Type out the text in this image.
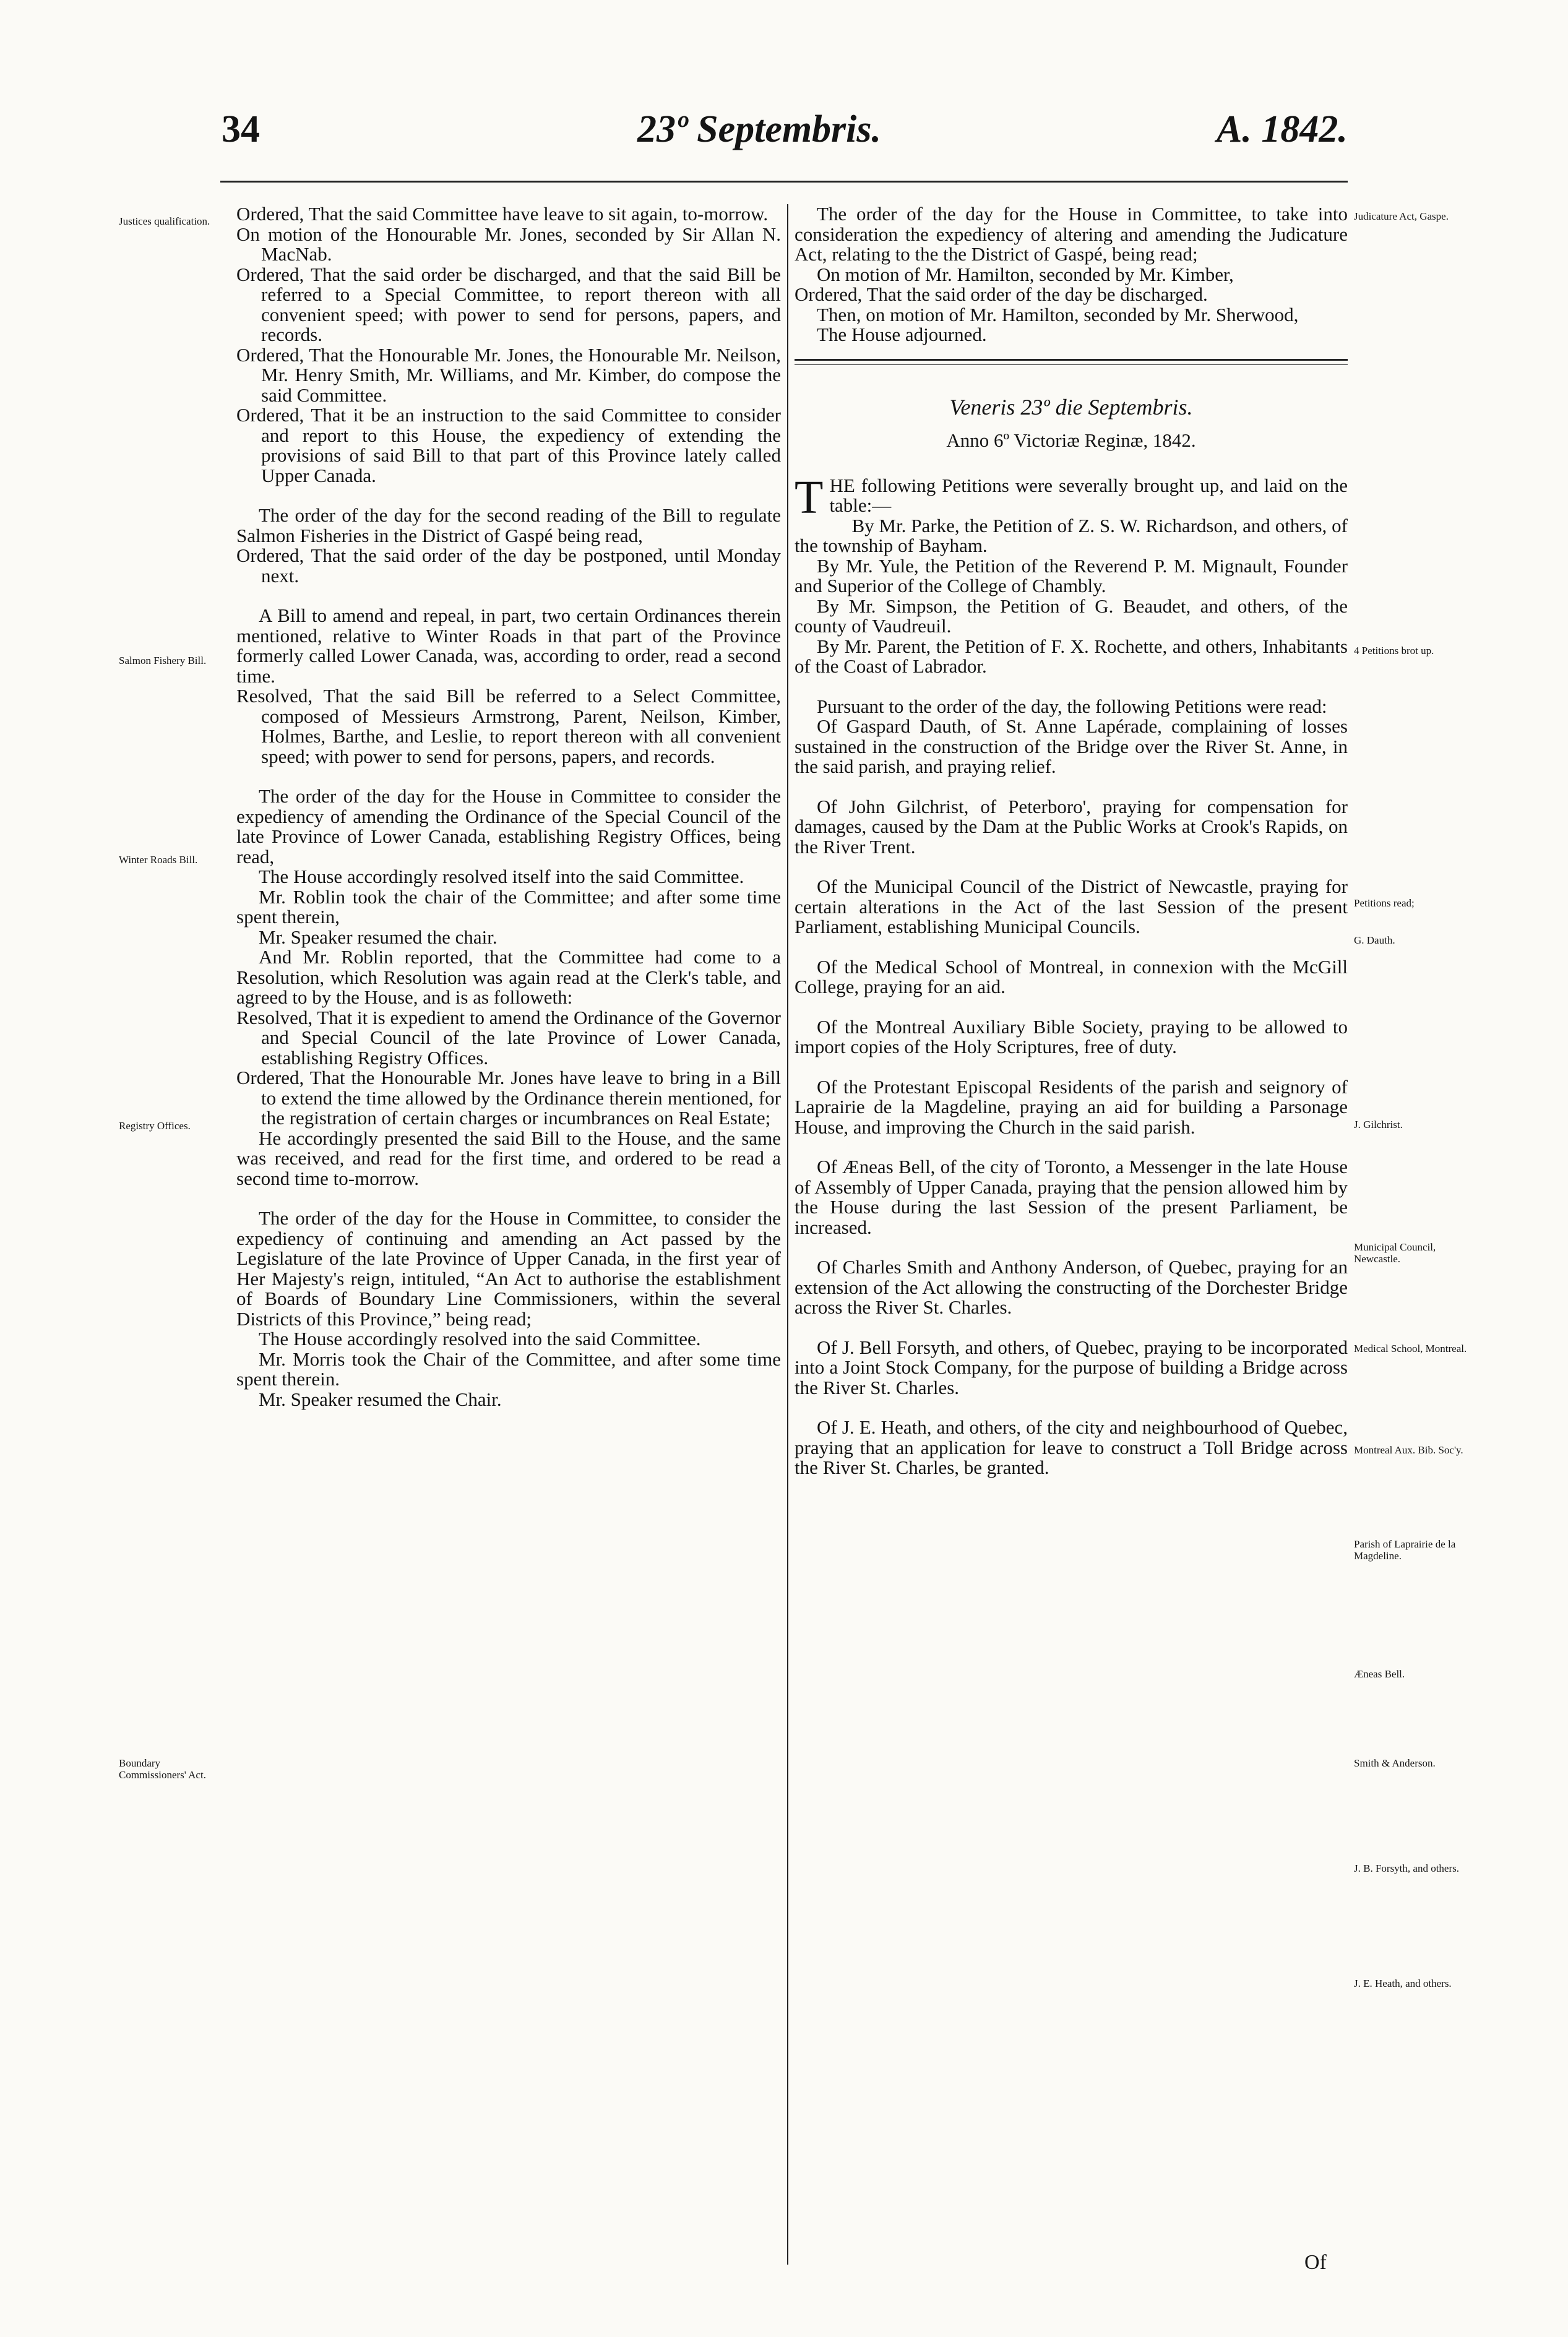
34	23º Septembris.	A. 1842.
Justices qualification.
Salmon Fishery Bill.
Winter Roads Bill.
Registry Offices.
Boundary Commissioners' Act.
Judicature Act, Gaspe.
4 Petitions brot up.
Petitions read;
G. Dauth.
J. Gilchrist.
Municipal Council, Newcastle.
Medical School, Montreal.
Montreal Aux. Bib. Soc'y.
Parish of Laprairie de la Magdeline.
Æneas Bell.
Smith & Anderson.
J. B. Forsyth, and others.
J. E. Heath, and others.

Ordered, That the said Committee have leave to sit again, to-morrow.

On motion of the Honourable Mr. Jones, seconded by Sir Allan N. MacNab.

Ordered, That the said order be discharged, and that the said Bill be referred to a Special Committee, to report thereon with all convenient speed; with power to send for persons, papers, and records.

Ordered, That the Honourable Mr. Jones, the Honourable Mr. Neilson, Mr. Henry Smith, Mr. Williams, and Mr. Kimber, do compose the said Committee.

Ordered, That it be an instruction to the said Committee to consider and report to this House, the expediency of extending the provisions of said Bill to that part of this Province lately called Upper Canada.

The order of the day for the second reading of the Bill to regulate Salmon Fisheries in the District of Gaspé being read,

Ordered, That the said order of the day be postponed, until Monday next.

A Bill to amend and repeal, in part, two certain Ordinances therein mentioned, relative to Winter Roads in that part of the Province formerly called Lower Canada, was, according to order, read a second time.

Resolved, That the said Bill be referred to a Select Committee, composed of Messieurs Armstrong, Parent, Neilson, Kimber, Holmes, Barthe, and Leslie, to report thereon with all convenient speed; with power to send for persons, papers, and records.

The order of the day for the House in Committee to consider the expediency of amending the Ordinance of the Special Council of the late Province of Lower Canada, establishing Registry Offices, being read,

The House accordingly resolved itself into the said Committee.

Mr. Roblin took the chair of the Committee; and after some time spent therein,

Mr. Speaker resumed the chair.

And Mr. Roblin reported, that the Committee had come to a Resolution, which Resolution was again read at the Clerk's table, and agreed to by the House, and is as followeth:

Resolved, That it is expedient to amend the Ordinance of the Governor and Special Council of the late Province of Lower Canada, establishing Registry Offices.

Ordered, That the Honourable Mr. Jones have leave to bring in a Bill to extend the time allowed by the Ordinance therein mentioned, for the registration of certain charges or incumbrances on Real Estate;

He accordingly presented the said Bill to the House, and the same was received, and read for the first time, and ordered to be read a second time to-morrow.

The order of the day for the House in Committee, to consider the expediency of continuing and amending an Act passed by the Legislature of the late Province of Upper Canada, in the first year of Her Majesty's reign, intituled, “An Act to authorise the establishment of Boards of Boundary Line Commissioners, within the several Districts of this Province,” being read;

The House accordingly resolved into the said Committee.

Mr. Morris took the Chair of the Committee, and after some time spent therein.

Mr. Speaker resumed the Chair.

The order of the day for the House in Committee, to take into consideration the expediency of altering and amending the Judicature Act, relating to the the District of Gaspé, being read;

On motion of Mr. Hamilton, seconded by Mr. Kimber,

Ordered, That the said order of the day be discharged.

Then, on motion of Mr. Hamilton, seconded by Mr. Sherwood,

The House adjourned.

Veneris 23º die Septembris.

Anno 6º Victoriæ Reginæ, 1842.

THE following Petitions were severally brought up, and laid on the table:—

By Mr. Parke, the Petition of Z. S. W. Richardson, and others, of the township of Bayham.

By Mr. Yule, the Petition of the Reverend P. M. Mignault, Founder and Superior of the College of Chambly.

By Mr. Simpson, the Petition of G. Beaudet, and others, of the county of Vaudreuil.

By Mr. Parent, the Petition of F. X. Rochette, and others, Inhabitants of the Coast of Labrador.

Pursuant to the order of the day, the following Petitions were read:

Of Gaspard Dauth, of St. Anne Lapérade, complaining of losses sustained in the construction of the Bridge over the River St. Anne, in the said parish, and praying relief.

Of John Gilchrist, of Peterboro', praying for compensation for damages, caused by the Dam at the Public Works at Crook's Rapids, on the River Trent.

Of the Municipal Council of the District of Newcastle, praying for certain alterations in the Act of the last Session of the present Parliament, establishing Municipal Councils.

Of the Medical School of Montreal, in connexion with the McGill College, praying for an aid.

Of the Montreal Auxiliary Bible Society, praying to be allowed to import copies of the Holy Scriptures, free of duty.

Of the Protestant Episcopal Residents of the parish and seignory of Laprairie de la Magdeline, praying an aid for building a Parsonage House, and improving the Church in the said parish.

Of Æneas Bell, of the city of Toronto, a Messenger in the late House of Assembly of Upper Canada, praying that the pension allowed him by the House during the last Session of the present Parliament, be increased.

Of Charles Smith and Anthony Anderson, of Quebec, praying for an extension of the Act allowing the constructing of the Dorchester Bridge across the River St. Charles.

Of J. Bell Forsyth, and others, of Quebec, praying to be incorporated into a Joint Stock Company, for the purpose of building a Bridge across the River St. Charles.

Of J. E. Heath, and others, of the city and neighbourhood of Quebec, praying that an application for leave to construct a Toll Bridge across the River St. Charles, be granted.

Of
